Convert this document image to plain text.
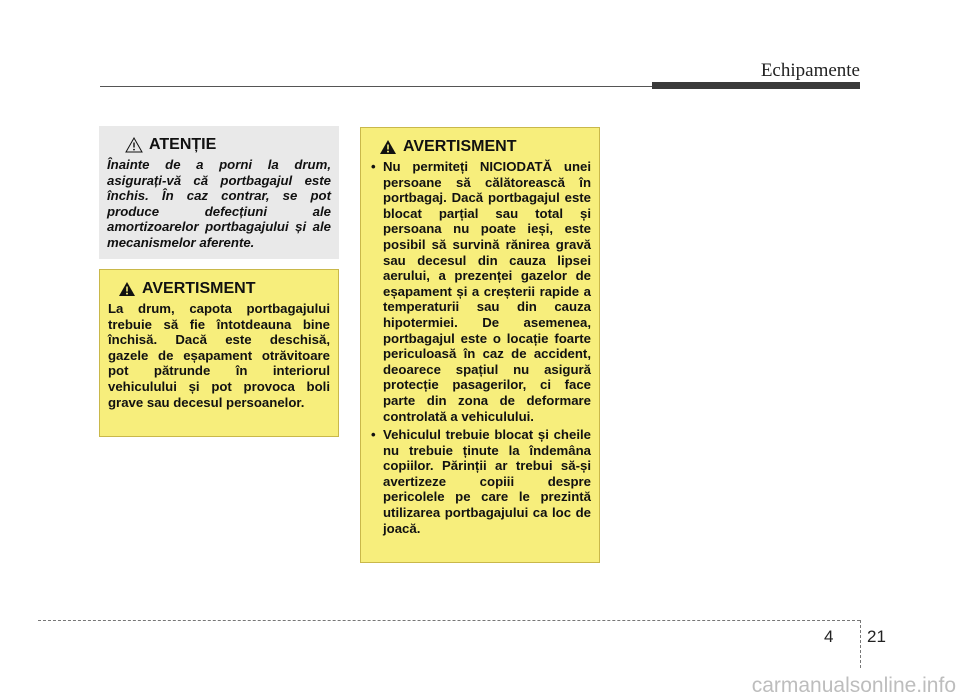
Echipamente
ATENȚIE
Înainte de a porni la drum, asigurați-vă că portbagajul este închis. În caz contrar, se pot produce defecțiuni ale amortizoarelor portbagajului și ale mecanismelor aferente.
AVERTISMENT
La drum, capota portbagajului trebuie să fie întotdeauna bine închisă. Dacă este deschisă, gazele de eșapament otrăvitoare pot pătrunde în interiorul vehiculului și pot provoca boli grave sau decesul persoanelor.
AVERTISMENT
• Nu permiteți NICIODATĂ unei persoane să călătorească în portbagaj. Dacă portbagajul este blocat parțial sau total și persoana nu poate ieși, este posibil să survină rănirea gravă sau decesul din cauza lipsei aerului, a prezenței gazelor de eșapament și a creșterii rapide a temperaturii sau din cauza hipotermiei. De asemenea, portbagajul este o locație foarte periculoasă în caz de accident, deoarece spațiul nu asigură protecție pasagerilor, ci face parte din zona de deformare controlată a vehiculului.
• Vehiculul trebuie blocat și cheile nu trebuie ținute la îndemâna copiilor. Părinții ar trebui să-și avertizeze copiii despre pericolele pe care le prezintă utilizarea portbagajului ca loc de joacă.
4 21
carmanualsonline.info
